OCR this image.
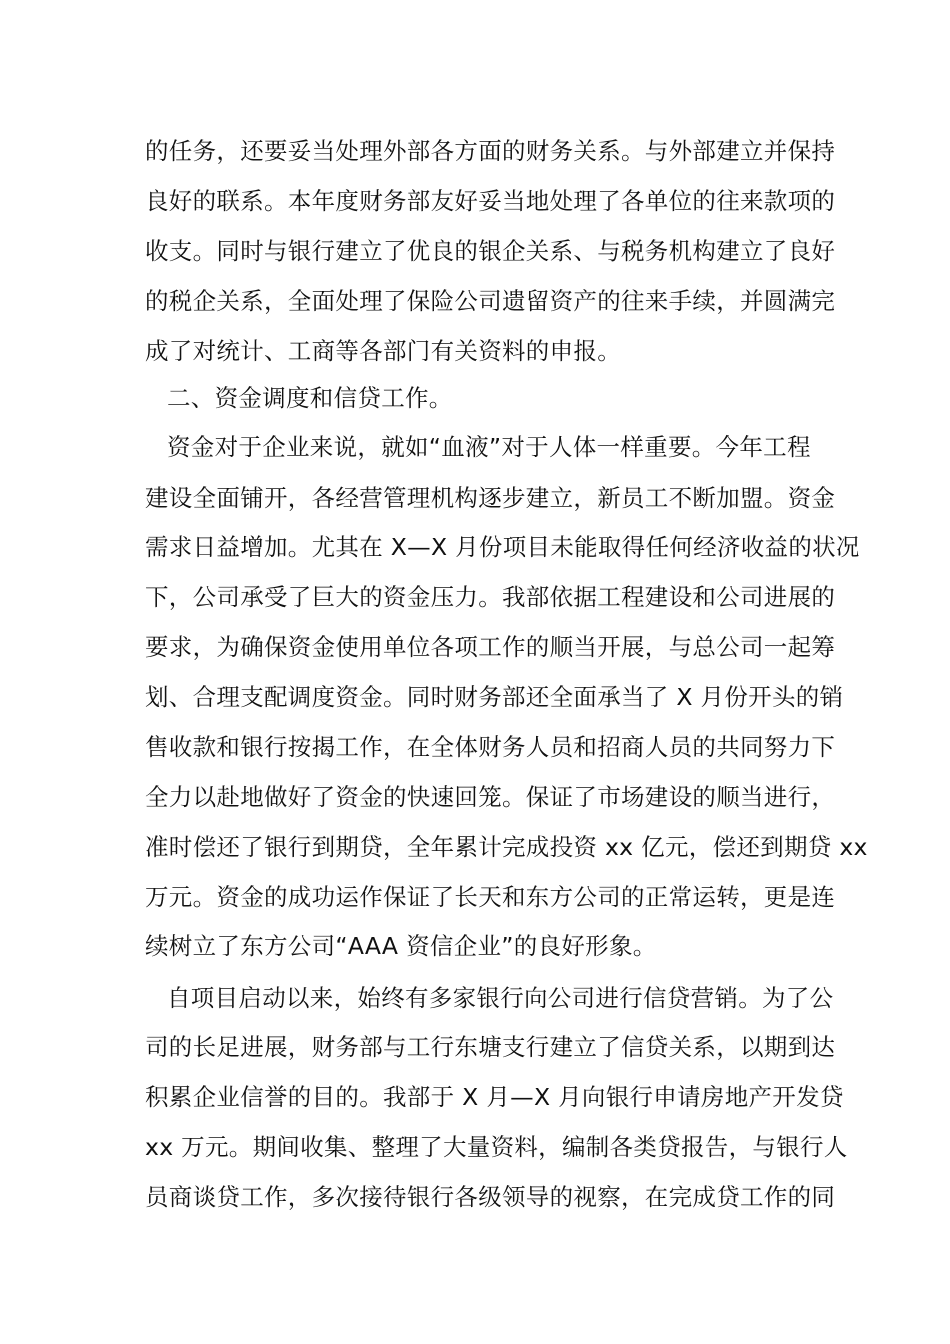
的任务，还要妥当处理外部各方面的财务关系。与外部建立并保持
良好的联系。本年度财务部友好妥当地处理了各单位的往来款项的
收支。同时与银行建立了优良的银企关系、与税务机构建立了良好
的税企关系，全面处理了保险公司遗留资产的往来手续，并圆满完
成了对统计、工商等各部门有关资料的申报。
二、资金调度和信贷工作。
资金对于企业来说，就如“血液”对于人体一样重要。今年工程
建设全面铺开，各经营管理机构逐步建立，新员工不断加盟。资金
需求日益增加。尤其在 X—X 月份项目未能取得任何经济收益的状况
下，公司承受了巨大的资金压力。我部依据工程建设和公司进展的
要求，为确保资金使用单位各项工作的顺当开展，与总公司一起筹
划、合理支配调度资金。同时财务部还全面承当了 X 月份开头的销
售收款和银行按揭工作，在全体财务人员和招商人员的共同努力下
全力以赴地做好了资金的快速回笼。保证了市场建设的顺当进行，
准时偿还了银行到期贷，全年累计完成投资 xx 亿元，偿还到期贷 xx
万元。资金的成功运作保证了长天和东方公司的正常运转，更是连
续树立了东方公司“AAA 资信企业”的良好形象。
自项目启动以来，始终有多家银行向公司进行信贷营销。为了公
司的长足进展，财务部与工行东塘支行建立了信贷关系，以期到达
积累企业信誉的目的。我部于 X 月—X 月向银行申请房地产开发贷
xx 万元。期间收集、整理了大量资料，编制各类贷报告，与银行人
员商谈贷工作，多次接待银行各级领导的视察，在完成贷工作的同
